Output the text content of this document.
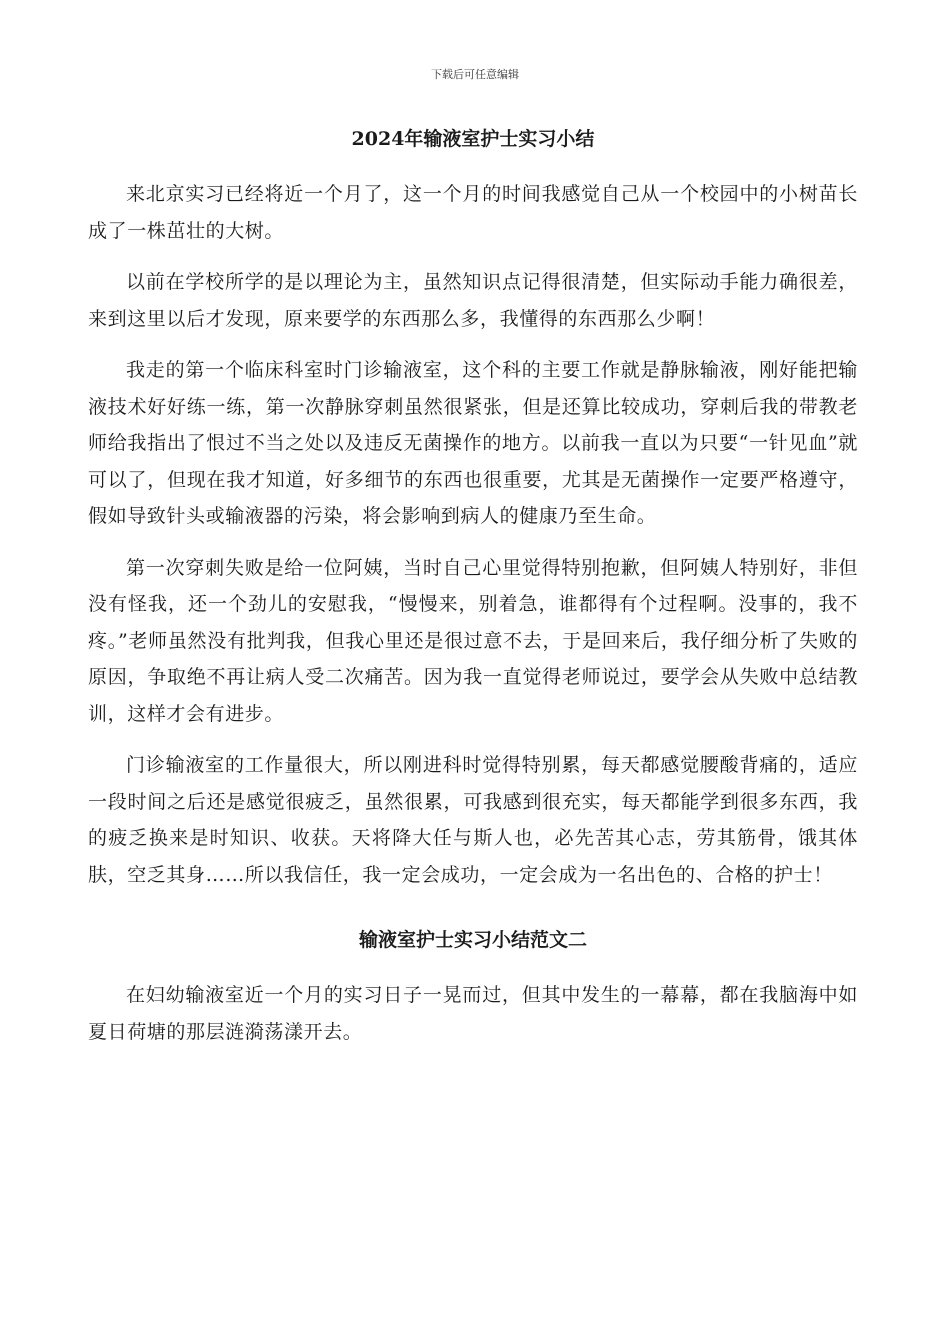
下载后可任意编辑
2024年输液室护士实习小结

来北京实习已经将近一个月了，这一个月的时间我感觉自己从一个校园中的小树苗长成了一株茁壮的大树。

以前在学校所学的是以理论为主，虽然知识点记得很清楚，但实际动手能力确很差，来到这里以后才发现，原来要学的东西那么多，我懂得的东西那么少啊！

我走的第一个临床科室时门诊输液室，这个科的主要工作就是静脉输液，刚好能把输液技术好好练一练，第一次静脉穿刺虽然很紧张，但是还算比较成功，穿刺后我的带教老师给我指出了恨过不当之处以及违反无菌操作的地方。以前我一直以为只要“一针见血”就可以了，但现在我才知道，好多细节的东西也很重要，尤其是无菌操作一定要严格遵守，假如导致针头或输液器的污染，将会影响到病人的健康乃至生命。

第一次穿刺失败是给一位阿姨，当时自己心里觉得特别抱歉，但阿姨人特别好，非但没有怪我，还一个劲儿的安慰我，“慢慢来，别着急，谁都得有个过程啊。没事的，我不疼。”老师虽然没有批判我，但我心里还是很过意不去，于是回来后，我仔细分析了失败的原因，争取绝不再让病人受二次痛苦。因为我一直觉得老师说过，要学会从失败中总结教训，这样才会有进步。

门诊输液室的工作量很大，所以刚进科时觉得特别累，每天都感觉腰酸背痛的，适应一段时间之后还是感觉很疲乏，虽然很累，可我感到很充实，每天都能学到很多东西，我的疲乏换来是时知识、收获。天将降大任与斯人也，必先苦其心志，劳其筋骨，饿其体肤，空乏其身……所以我信任，我一定会成功，一定会成为一名出色的、合格的护士！

输液室护士实习小结范文二

在妇幼输液室近一个月的实习日子一晃而过，但其中发生的一幕幕，都在我脑海中如夏日荷塘的那层涟漪荡漾开去。
